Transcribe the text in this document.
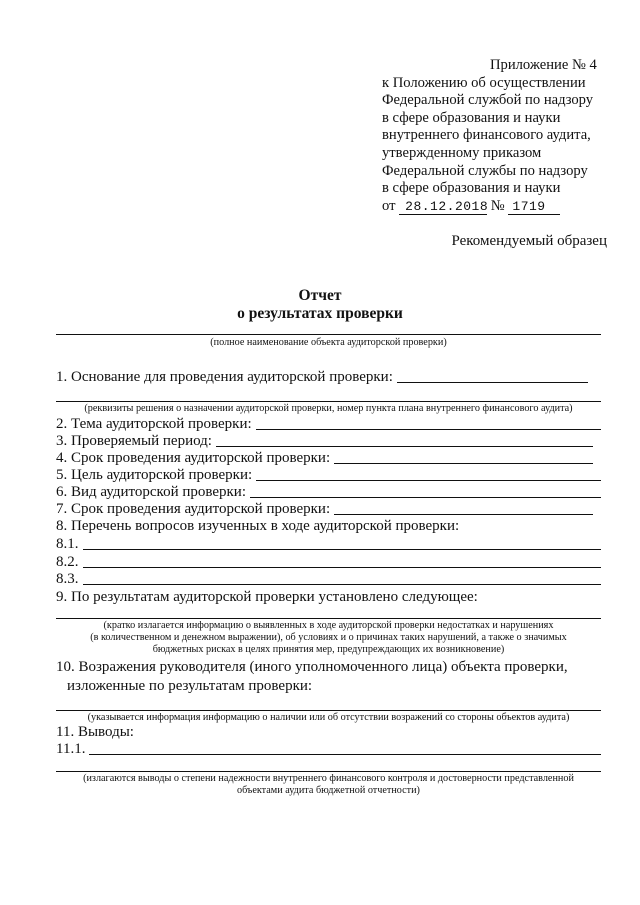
Приложение № 4
к Положению об осуществлении
Федеральной службой по надзору
в сфере образования и науки
внутреннего финансового аудита,
утвержденному приказом
Федеральной службы по надзору
в сфере образования и науки
от 28.12.2018 № 1719
Рекомендуемый образец
Отчет
о результатах проверки
(полное наименование объекта аудиторской проверки)
1. Основание для проведения аудиторской проверки:
(реквизиты решения о назначении аудиторской проверки, номер пункта плана внутреннего финансового аудита)
2. Тема аудиторской проверки:
3. Проверяемый период:
4. Срок проведения аудиторской проверки:
5. Цель аудиторской проверки:
6. Вид аудиторской проверки:
7. Срок проведения аудиторской проверки:
8. Перечень вопросов изученных в ходе аудиторской проверки:
8.1.
8.2.
8.3.
9. По результатам аудиторской проверки установлено следующее:
(кратко излагается информацию о выявленных в ходе аудиторской проверки недостатках и нарушениях
(в количественном и денежном выражении), об условиях и о причинах таких нарушений, а также о значимых
бюджетных рисках в целях принятия мер, предупреждающих их возникновение)
10. Возражения руководителя (иного уполномоченного лица) объекта проверки,
изложенные по результатам проверки:
(указывается информация информацию о наличии или об отсутствии возражений со стороны объектов аудита)
11. Выводы:
11.1.
(излагаются выводы о степени надежности внутреннего финансового контроля и достоверности представленной
объектами аудита бюджетной отчетности)
